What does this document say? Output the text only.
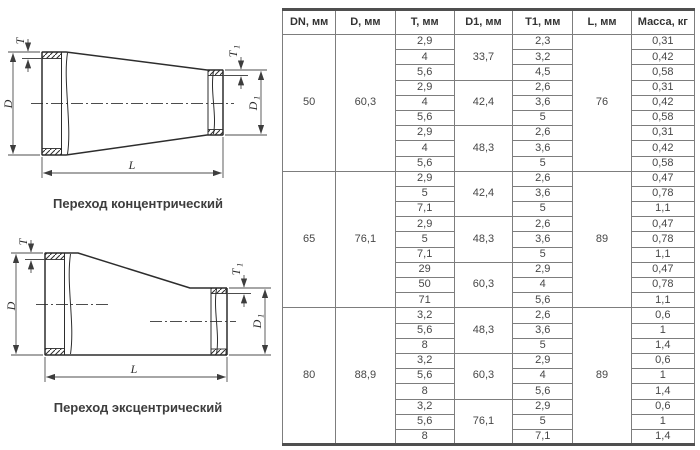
D
T
T
1
D
1
L
Переход концентрический
D
T
T
1
D
1
L
Переход эксцентрический
DN, мм	D, мм	T, мм	D1, мм	T1, мм	L, мм	Масса, кг
50	60,3	2,9	33,7	2,3	76	0,31
		4		3,2		0,42
		5,6		4,5		0,58
		2,9	42,4	2,6		0,31
		4		3,6		0,42
		5,6		5		0,58
		2,9	48,3	2,6		0,31
		4		3,6		0,42
		5,6		5		0,58
65	76,1	2,9	42,4	2,6	89	0,47
		5		3,6		0,78
		7,1		5		1,1
		2,9	48,3	2,6		0,47
		5		3,6		0,78
		7,1		5		1,1
		29	60,3	2,9		0,47
		50		4		0,78
		71		5,6		1,1
80	88,9	3,2	48,3	2,6	89	0,6
		5,6		3,6		1
		8		5		1,4
		3,2	60,3	2,9		0,6
		5,6		4		1
		8		5,6		1,4
		3,2	76,1	2,9		0,6
		5,6		5		1
		8		7,1		1,4
